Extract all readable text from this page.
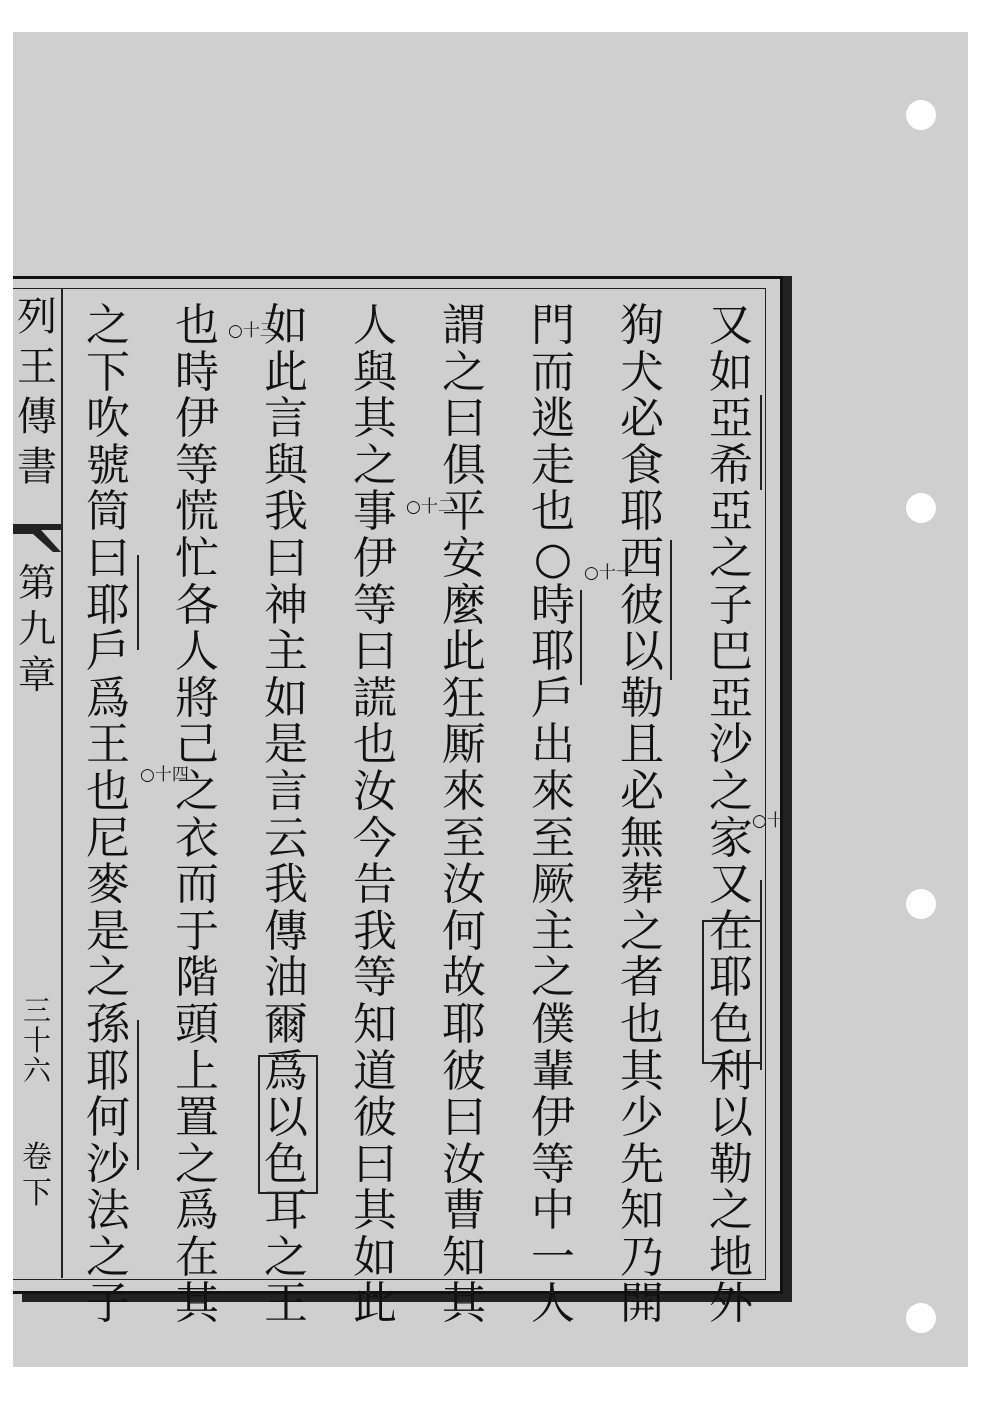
列
王
傳
書
第
九
章
三
十
六
卷
下
又
如
亞
希
亞
之
子
巴
亞
沙
之
家
又
在
耶
色
利
以
勒
之
地
外
狗
犬
必
食
耶
西
彼
以
勒
且
必
無
葬
之
者
也
其
少
先
知
乃
開
門
而
逃
走
也
○
時
耶
戶
出
來
至
厥
主
之
僕
輩
伊
等
中
一
人
謂
之
曰
俱
平
安
麼
此
狂
厮
來
至
汝
何
故
耶
彼
曰
汝
曹
知
其
人
與
其
之
事
伊
等
曰
謊
也
汝
今
告
我
等
知
道
彼
曰
其
如
此
如
此
言
與
我
曰
神
主
如
是
言
云
我
傳
油
爾
爲
以
色
耳
之
王
也
時
伊
等
慌
忙
各
人
將
己
之
衣
而
于
階
頭
上
置
之
爲
在
其
之
下
吹
號
筒
曰
耶
戶
爲
王
也
尼
麥
是
之
孫
耶
何
沙
法
之
子
○十
○十一
○十二
○十三
○十四
